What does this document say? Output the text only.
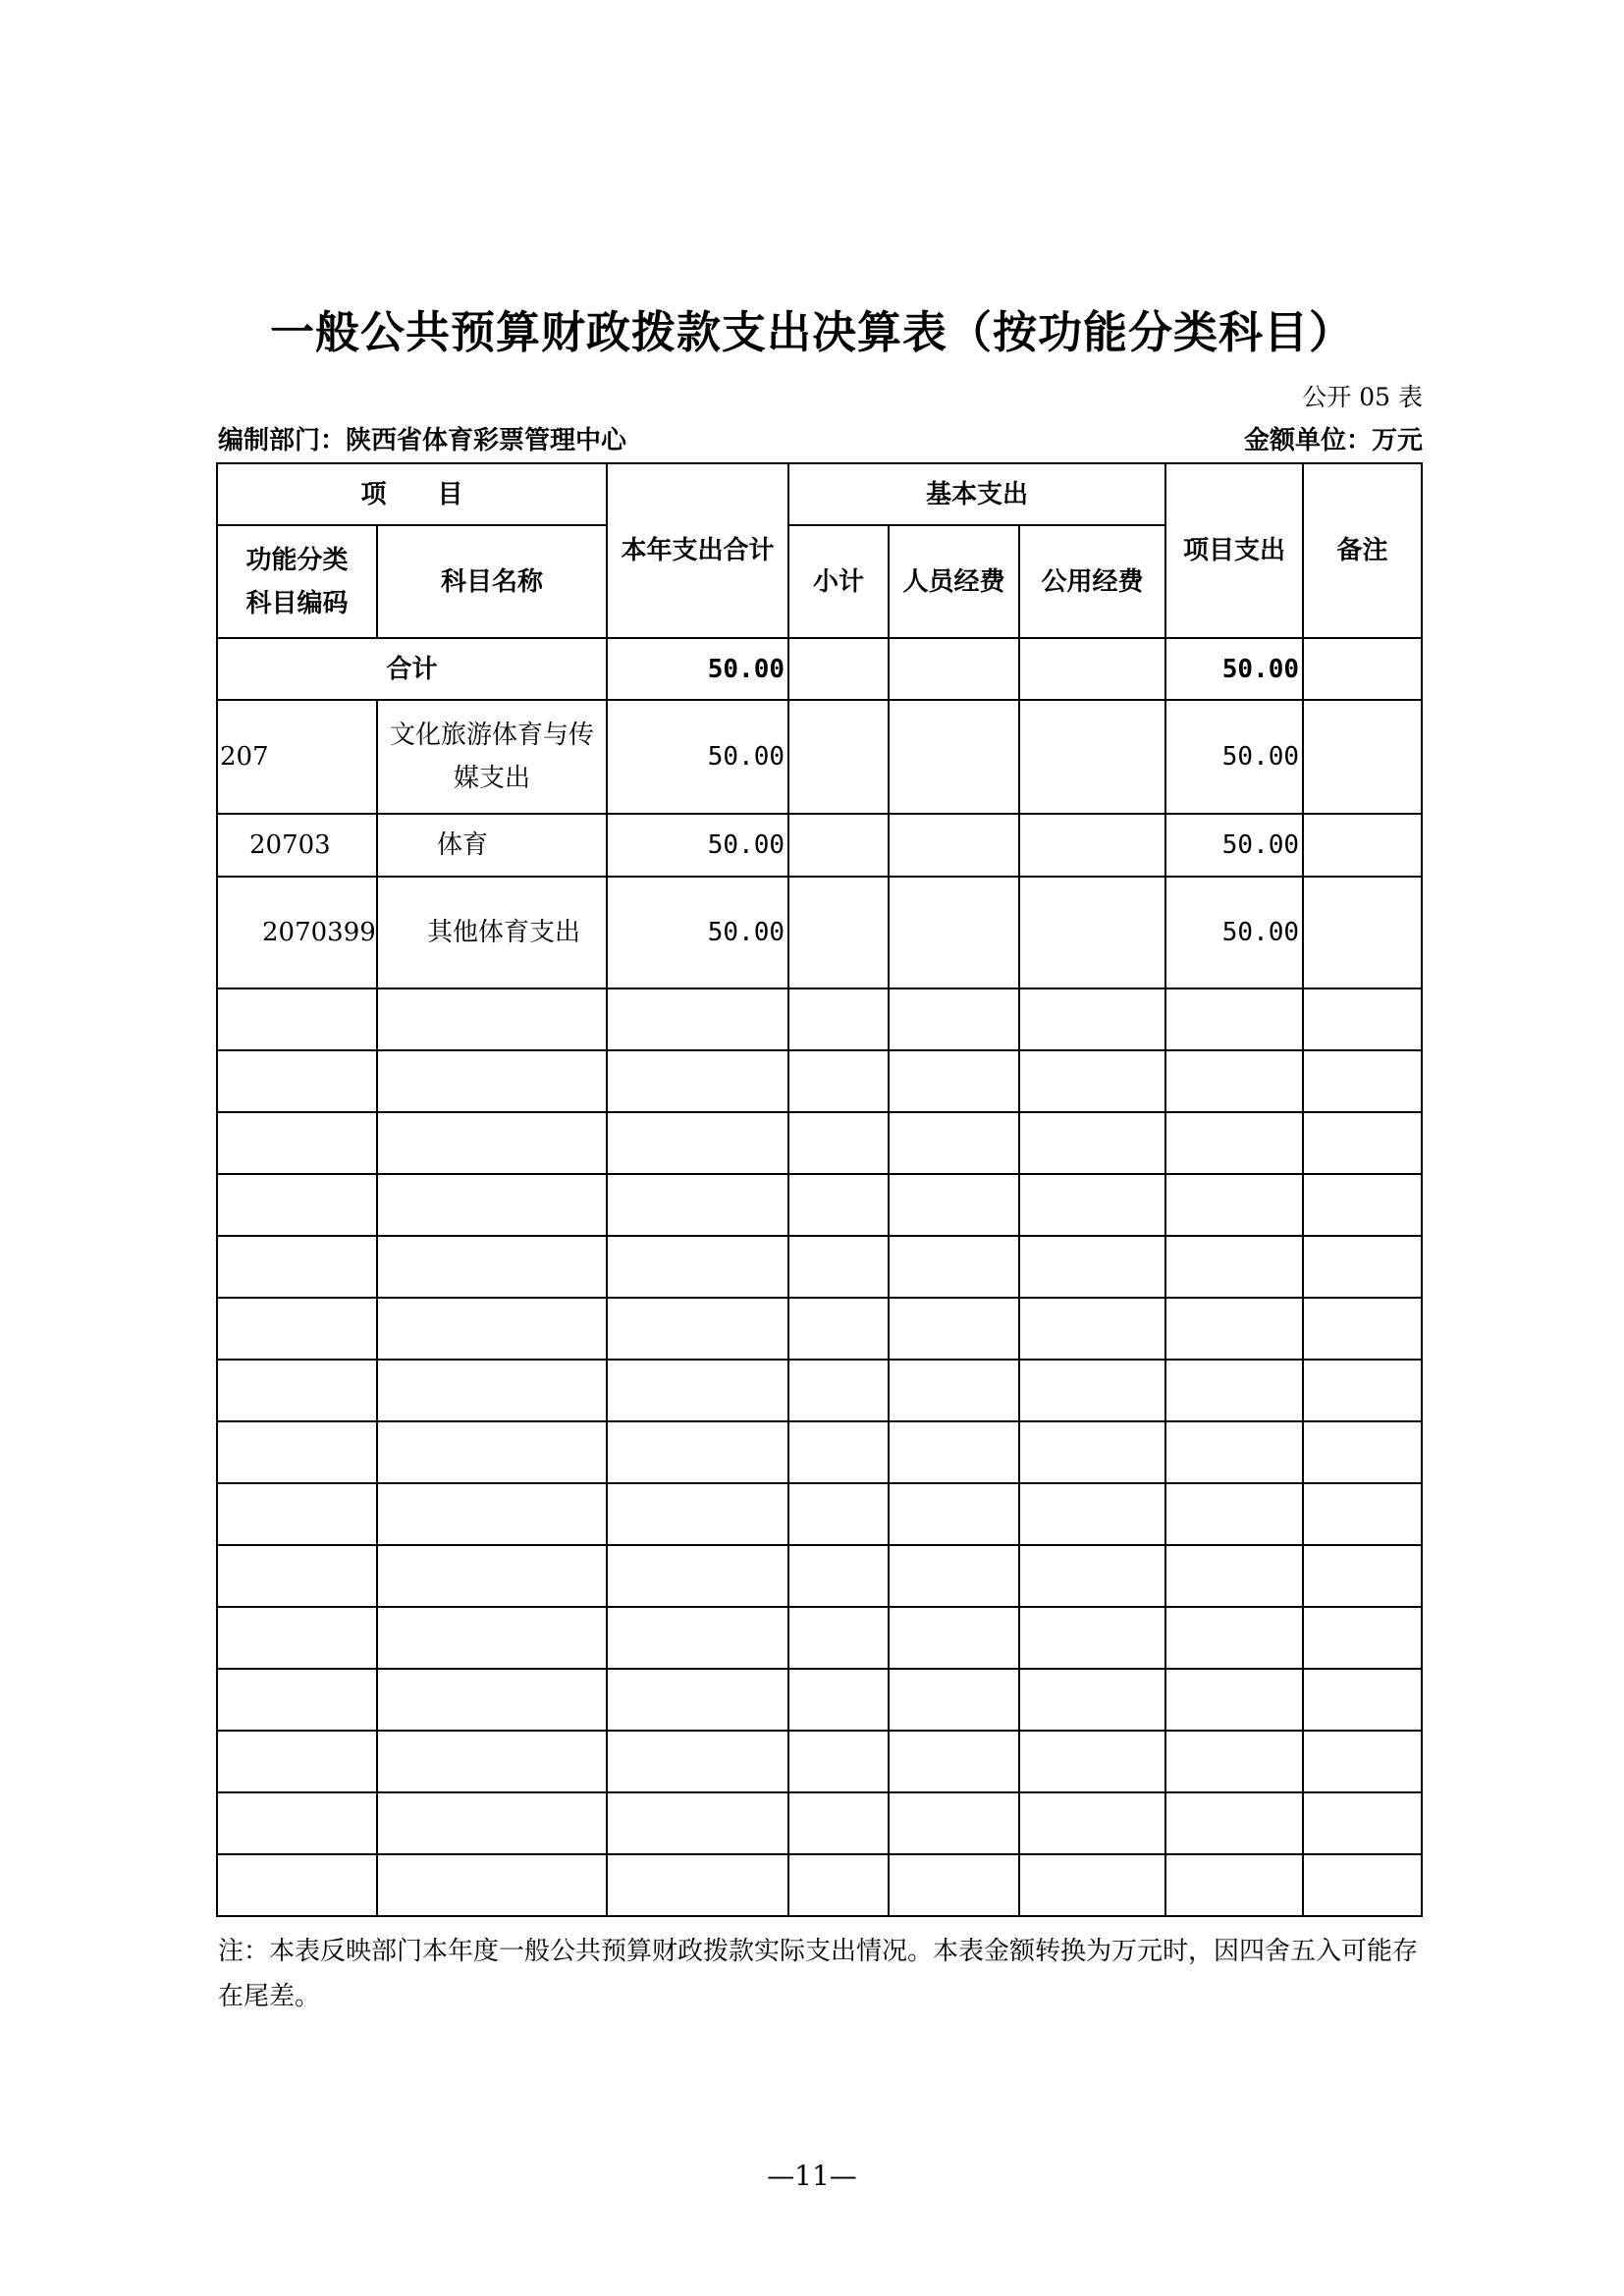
一般公共预算财政拨款支出决算表（按功能分类科目）
公开 05 表
编制部门：陕西省体育彩票管理中心	金额单位：万元
项　　目		本年支出合计	基本支出			项目支出	备注

功能分类科目编码	科目名称		小计	人员经费	公用经费		
合计		50.00				50.00	
207	文化旅游体育与传媒支出	50.00				50.00	
20703	体育	50.00				50.00	
2070399	其他体育支出	50.00				50.00	

注：本表反映部门本年度一般公共预算财政拨款实际支出情况。本表金额转换为万元时，因四舍五入可能存在尾差。
—11—
